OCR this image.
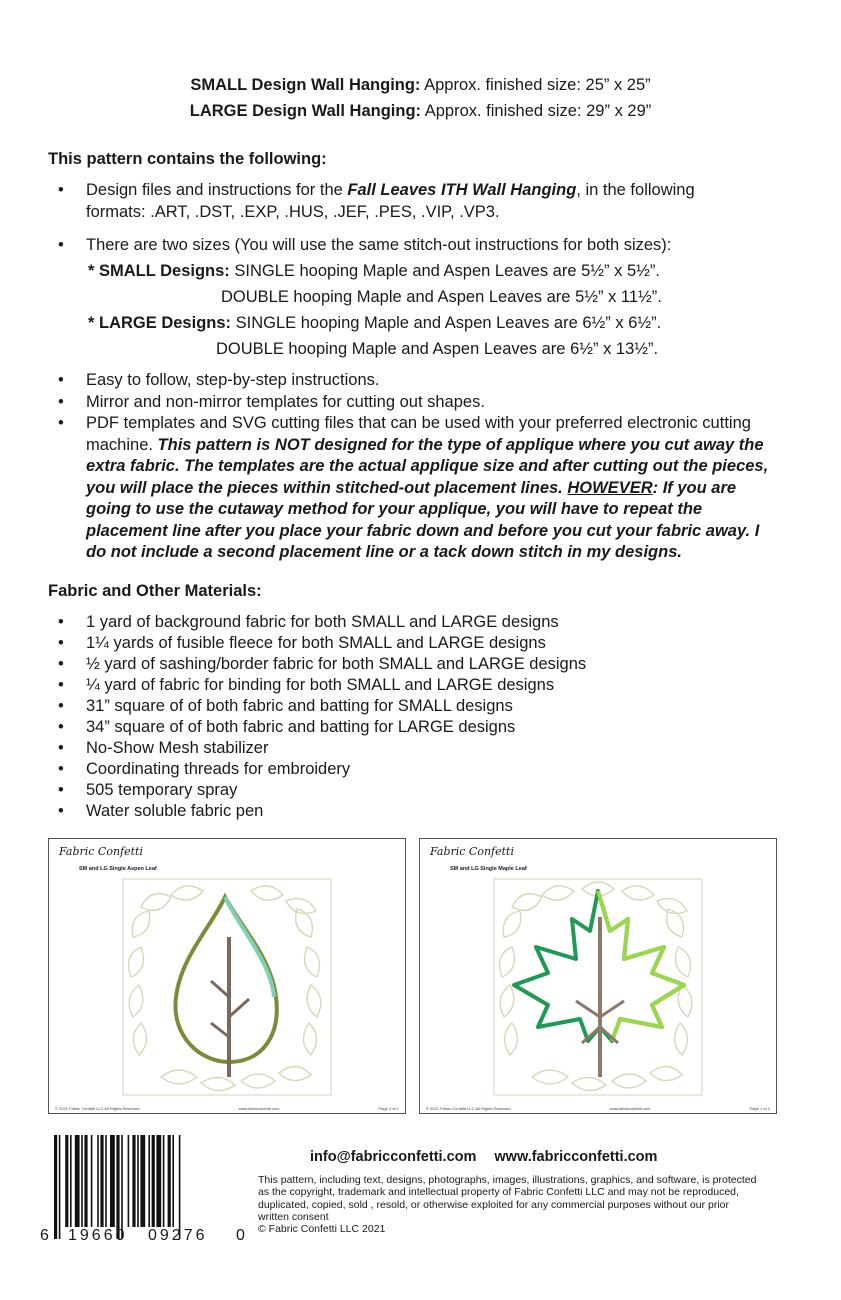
SMALL Design Wall Hanging: Approx. finished size: 25” x 25”
LARGE Design Wall Hanging: Approx. finished size: 29” x 29”
This pattern contains the following:
• Design files and instructions for the Fall Leaves ITH Wall Hanging, in the following formats: .ART, .DST, .EXP, .HUS, .JEF, .PES, .VIP, .VP3.
• There are two sizes (You will use the same stitch-out instructions for both sizes):
* SMALL Designs: SINGLE hooping Maple and Aspen Leaves are 5½” x 5½”.
DOUBLE hooping Maple and Aspen Leaves are 5½” x 11½”.
* LARGE Designs: SINGLE hooping Maple and Aspen Leaves are 6½” x 6½”.
DOUBLE hooping Maple and Aspen Leaves are 6½” x 13½”.
• Easy to follow, step-by-step instructions.
• Mirror and non-mirror templates for cutting out shapes.
• PDF templates and SVG cutting files that can be used with your preferred electronic cutting machine. This pattern is NOT designed for the type of applique where you cut away the extra fabric. The templates are the actual applique size and after cutting out the pieces, you will place the pieces within stitched-out placement lines. HOWEVER: If you are going to use the cutaway method for your applique, you will have to repeat the placement line after you place your fabric down and before you cut your fabric away. I do not include a second placement line or a tack down stitch in my designs.
Fabric and Other Materials:
• 1 yard of background fabric for both SMALL and LARGE designs
• 1¼ yards of fusible fleece for both SMALL and LARGE designs
• ½ yard of sashing/border fabric for both SMALL and LARGE designs
• ¼ yard of fabric for binding for both SMALL and LARGE designs
• 31” square of of both fabric and batting for SMALL designs
• 34” square of of both fabric and batting for LARGE designs
• No-Show Mesh stabilizer
• Coordinating threads for embroidery
• 505 temporary spray
• Water soluble fabric pen
Fabric Confetti
SM and LG Single Aspen Leaf
© 2021 Fabric Confetti LLC All Rights Reserved	www.fabricconfetti.com	Page 1 of 1
Fabric Confetti
SM and LG Single Maple Leaf
© 2021 Fabric Confetti LLC All Rights Reserved	www.fabricconfetti.com	Page 1 of 1
6 19660 09276 0
info@fabricconfetti.com www.fabricconfetti.com
This pattern, including text, designs, photographs, images, illustrations, graphics, and software, is protected as the copyright, trademark and intellectual property of Fabric Confetti LLC and may not be reproduced, duplicated, copied, sold , resold, or otherwise exploited for any commercial purposes without our prior written consent
© Fabric Confetti LLC 2021
